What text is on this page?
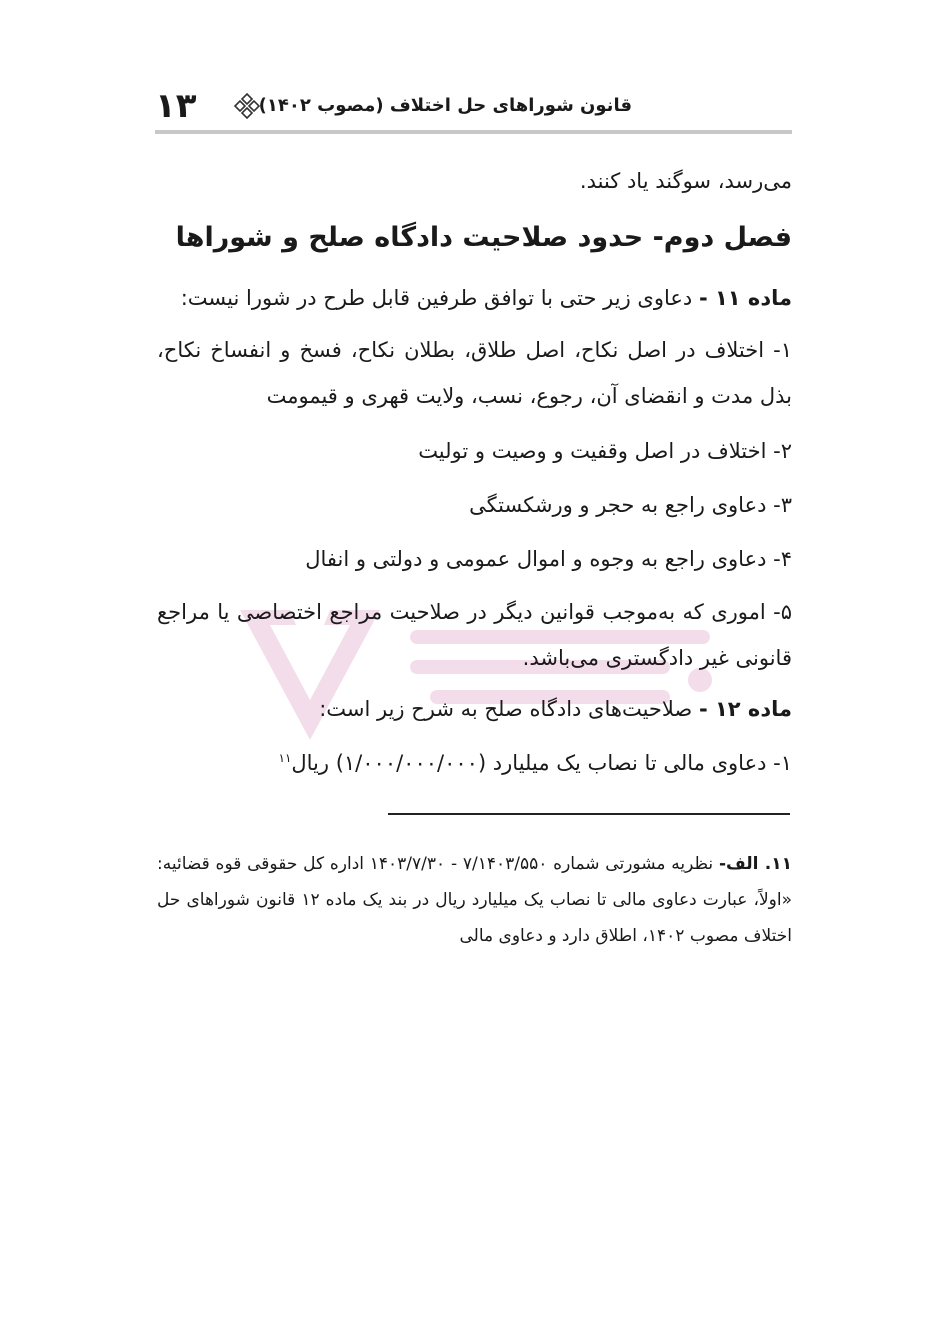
۱۳	قانون شوراهای حل اختلاف (مصوب ۱۴۰۲)
می‌رسد، سوگند یاد کنند.
فصل دوم- حدود صلاحیت دادگاه صلح و شوراها
ماده ۱۱ - دعاوی زیر حتی با توافق طرفین قابل طرح در شورا نیست:
۱- اختلاف در اصل نکاح، اصل طلاق، بطلان نکاح، فسخ و انفساخ نکاح، بذل مدت و انقضای آن، رجوع، نسب، ولایت قهری و قیمومت
۲- اختلاف در اصل وقفیت و وصیت و تولیت
۳- دعاوی راجع به حجر و ورشکستگی
۴- دعاوی راجع به وجوه و اموال عمومی و دولتی و انفال
۵- اموری که به‌موجب قوانین دیگر در صلاحیت مراجع اختصاصی یا مراجع قانونی غیر دادگستری می‌باشد.
ماده ۱۲ - صلاحیت‌های دادگاه صلح به شرح زیر است:
۱- دعاوی مالی تا نصاب یک میلیارد (۱/۰۰۰/۰۰۰/۰۰۰) ریال$^{۱۱}$
۱۱. الف- نظریه مشورتی شماره ۷/۱۴۰۳/۵۵۰ - ۱۴۰۳/۷/۳۰ اداره کل حقوقی قوه قضائیه: «اولاً، عبارت دعاوی مالی تا نصاب یک میلیارد ریال در بند یک ماده ۱۲ قانون شوراهای حل اختلاف مصوب ۱۴۰۲، اطلاق دارد و دعاوی مالی
